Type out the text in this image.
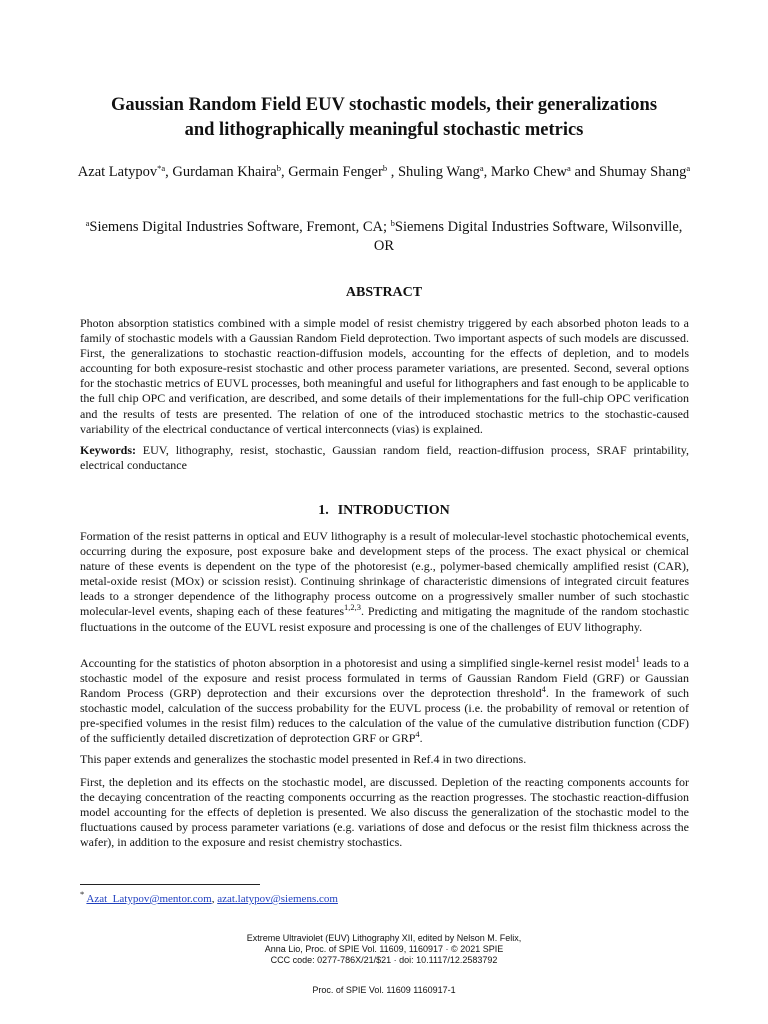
Gaussian Random Field EUV stochastic models, their generalizations
and lithographically meaningful stochastic metrics
Azat Latypov$^{*a}$, Gurdaman Khaira$^b$, Germain Fenger$^b$ , Shuling Wang$^a$, Marko Chew$^a$ and Shumay Shang$^a$
$^a$Siemens Digital Industries Software, Fremont, CA; $^b$Siemens Digital Industries Software, Wilsonville, OR
ABSTRACT

Photon absorption statistics combined with a simple model of resist chemistry triggered by each absorbed photon leads to a family of stochastic models with a Gaussian Random Field deprotection. Two important aspects of such models are discussed. First, the generalizations to stochastic reaction-diffusion models, accounting for the effects of depletion, and to models accounting for both exposure-resist stochastic and other process parameter variations, are presented. Second, several options for the stochastic metrics of EUVL processes, both meaningful and useful for lithographers and fast enough to be applicable to the full chip OPC and verification, are described, and some details of their implementations for the full-chip OPC verification and the results of tests are presented. The relation of one of the introduced stochastic metrics to the stochastic-caused variability of the electrical conductance of vertical interconnects (vias) is explained.

Keywords: EUV, lithography, resist, stochastic, Gaussian random field, reaction-diffusion process, SRAF printability, electrical conductance

1. INTRODUCTION

Formation of the resist patterns in optical and EUV lithography is a result of molecular-level stochastic photochemical events, occurring during the exposure, post exposure bake and development steps of the process. The exact physical or chemical nature of these events is dependent on the type of the photoresist (e.g., polymer-based chemically amplified resist (CAR), metal-oxide resist (MOx) or scission resist). Continuing shrinkage of characteristic dimensions of integrated circuit features leads to a stronger dependence of the lithography process outcome on a progressively smaller number of such stochastic molecular-level events, shaping each of these features$^{1,2,3}$. Predicting and mitigating the magnitude of the random stochastic fluctuations in the outcome of the EUVL resist exposure and processing is one of the challenges of EUV lithography.

Accounting for the statistics of photon absorption in a photoresist and using a simplified single-kernel resist model$^1$ leads to a stochastic model of the exposure and resist process formulated in terms of Gaussian Random Field (GRF) or Gaussian Random Process (GRP) deprotection and their excursions over the deprotection threshold$^4$. In the framework of such stochastic model, calculation of the success probability for the EUVL process (i.e. the probability of removal or retention of pre-specified volumes in the resist film) reduces to the calculation of the value of the cumulative distribution function (CDF) of the sufficiently detailed discretization of deprotection GRF or GRP$^4$.

This paper extends and generalizes the stochastic model presented in Ref.4 in two directions.

First, the depletion and its effects on the stochastic model, are discussed. Depletion of the reacting components accounts for the decaying concentration of the reacting components occurring as the reaction progresses. The stochastic reaction-diffusion model accounting for the effects of depletion is presented. We also discuss the generalization of the stochastic model to the fluctuations caused by process parameter variations (e.g. variations of dose and defocus or the resist film thickness across the wafer), in addition to the exposure and resist chemistry stochastics.

* Azat_Latypov@mentor.com, azat.latypov@siemens.com
Extreme Ultraviolet (EUV) Lithography XII, edited by Nelson M. Felix,
Anna Lio, Proc. of SPIE Vol. 11609, 1160917 · © 2021 SPIE
CCC code: 0277-786X/21/$21 · doi: 10.1117/12.2583792
Proc. of SPIE Vol. 11609 1160917-1
